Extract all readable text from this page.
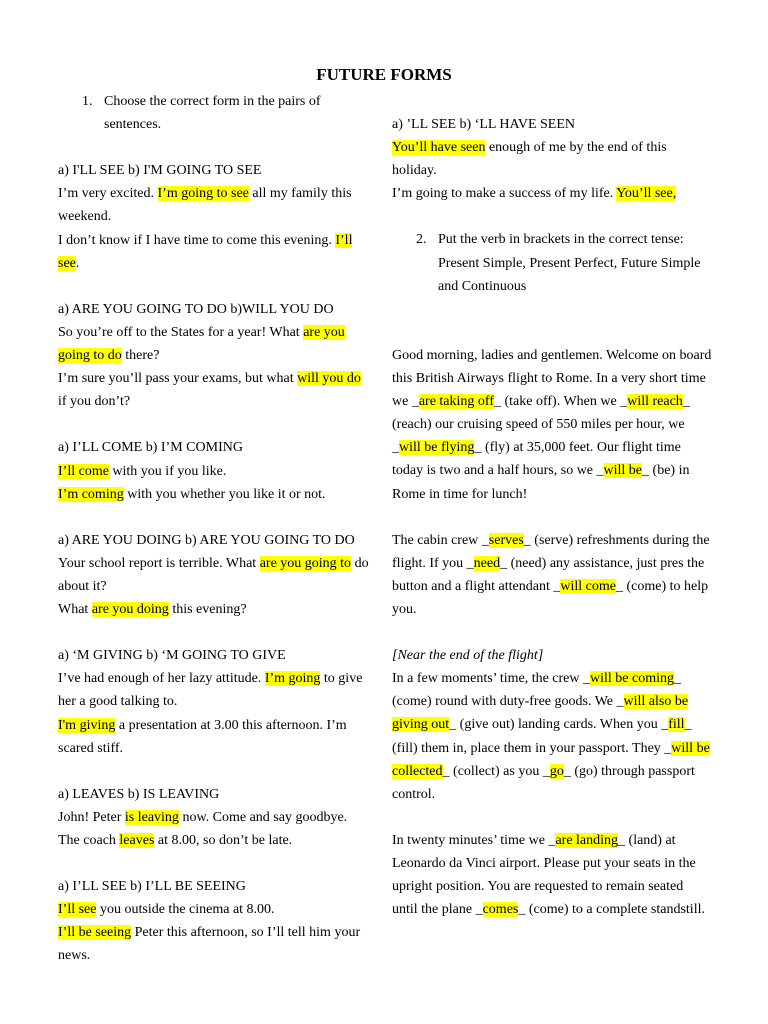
FUTURE FORMS
1. Choose the correct form in the pairs of sentences.

a) I'LL SEE b) I'M GOING TO SEE

I’m very excited. I’m going to see all my family this weekend.

I don’t know if I have time to come this evening. I’ll see.

a) ARE YOU GOING TO DO b)WILL YOU DO

So you’re off to the States for a year! What are you going to do there?

I’m sure you’ll pass your exams, but what will you do if you don’t?

a) I’LL COME b) I’M COMING

I’ll come with you if you like.

I’m coming with you whether you like it or not.

a) ARE YOU DOING b) ARE YOU GOING TO DO

Your school report is terrible. What are you going to do about it?

What are you doing this evening?

a) ‘M GIVING b) ‘M GOING TO GIVE

I’ve had enough of her lazy attitude. I’m going to give her a good talking to.

I'm giving a presentation at 3.00 this afternoon. I’m scared stiff.

a) LEAVES b) IS LEAVING

John! Peter is leaving now. Come and say goodbye.

The coach leaves at 8.00, so don’t be late.

a) I’LL SEE b) I’LL BE SEEING

I’ll see you outside the cinema at 8.00.

I’ll be seeing Peter this afternoon, so I’ll tell him your news.

a) ’LL SEE b) ‘LL HAVE SEEN

You’ll have seen enough of me by the end of this holiday.

I’m going to make a success of my life. You’ll see,

2. Put the verb in brackets in the correct tense: Present Simple, Present Perfect, Future Simple and Continuous

Good morning, ladies and gentlemen. Welcome on board this British Airways flight to Rome. In a very short time we _are taking off_ (take off). When we _will reach_ (reach) our cruising speed of 550 miles per hour, we _will be flying_ (fly) at 35,000 feet. Our flight time today is two and a half hours, so we _will be_ (be) in Rome in time for lunch!

The cabin crew _serves_ (serve) refreshments during the flight. If you _need_ (need) any assistance, just pres the button and a flight attendant _will come_ (come) to help you.

[Near the end of the flight]

In a few moments’ time, the crew _will be coming_ (come) round with duty-free goods. We _will also be giving out_ (give out) landing cards. When you _fill_ (fill) them in, place them in your passport. They _will be collected_ (collect) as you _go_ (go) through passport control.

In twenty minutes’ time we _are landing_ (land) at Leonardo da Vinci airport. Please put your seats in the upright position. You are requested to remain seated until the plane _comes_ (come) to a complete standstill.
